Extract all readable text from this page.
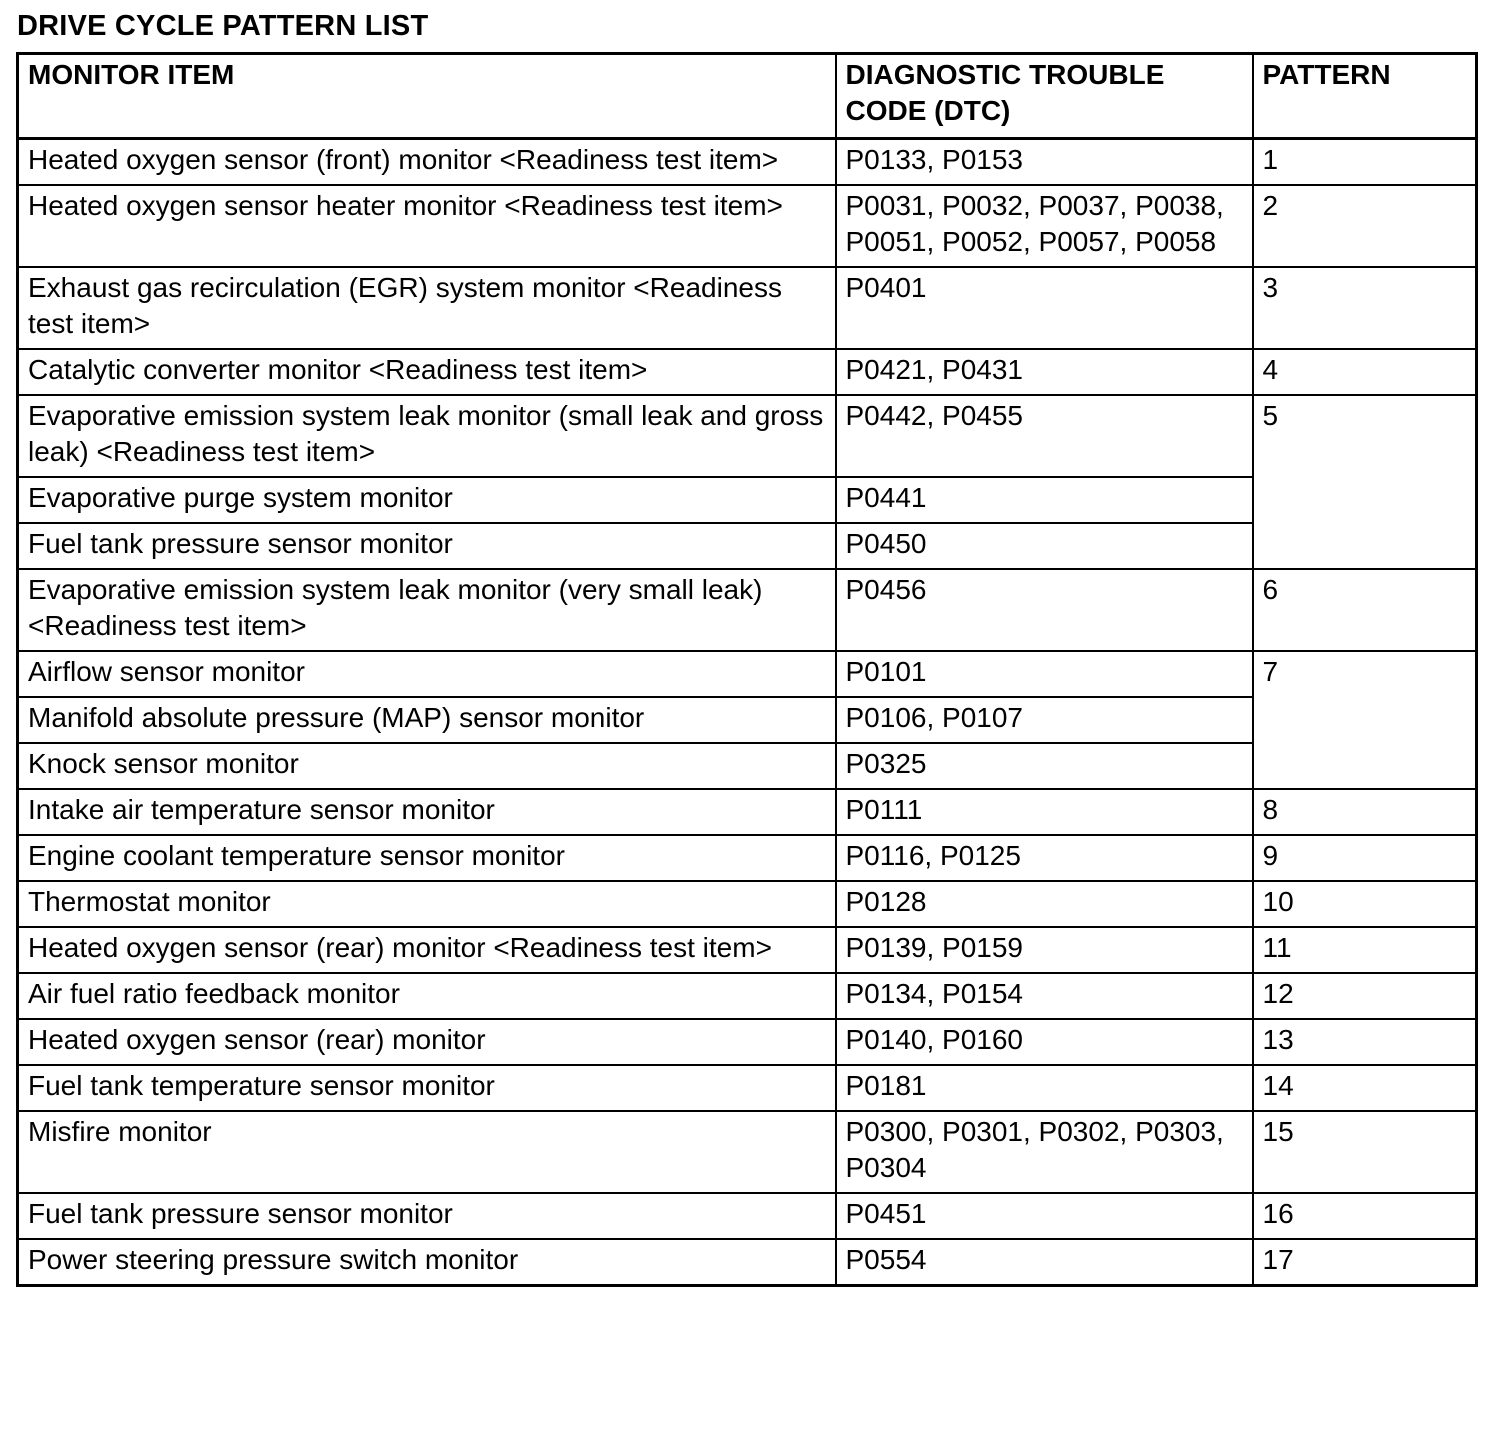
DRIVE CYCLE PATTERN LIST
MONITOR ITEM	DIAGNOSTIC TROUBLE CODE (DTC)	PATTERN
Heated oxygen sensor (front) monitor <Readiness test item>	P0133, P0153	1
Heated oxygen sensor heater monitor <Readiness test item>	P0031, P0032, P0037, P0038, P0051, P0052, P0057, P0058	2
Exhaust gas recirculation (EGR) system monitor <Readiness test item>	P0401	3
Catalytic converter monitor <Readiness test item>	P0421, P0431	4
Evaporative emission system leak monitor (small leak and gross leak) <Readiness test item>	P0442, P0455	5
Evaporative purge system monitor	P0441	
Fuel tank pressure sensor monitor	P0450	
Evaporative emission system leak monitor (very small leak) <Readiness test item>	P0456	6
Airflow sensor monitor	P0101	7
Manifold absolute pressure (MAP) sensor monitor	P0106, P0107	
Knock sensor monitor	P0325	
Intake air temperature sensor monitor	P0111	8
Engine coolant temperature sensor monitor	P0116, P0125	9
Thermostat monitor	P0128	10
Heated oxygen sensor (rear) monitor <Readiness test item>	P0139, P0159	11
Air fuel ratio feedback monitor	P0134, P0154	12
Heated oxygen sensor (rear) monitor	P0140, P0160	13
Fuel tank temperature sensor monitor	P0181	14
Misfire monitor	P0300, P0301, P0302, P0303, P0304	15
Fuel tank pressure sensor monitor	P0451	16
Power steering pressure switch monitor	P0554	17
